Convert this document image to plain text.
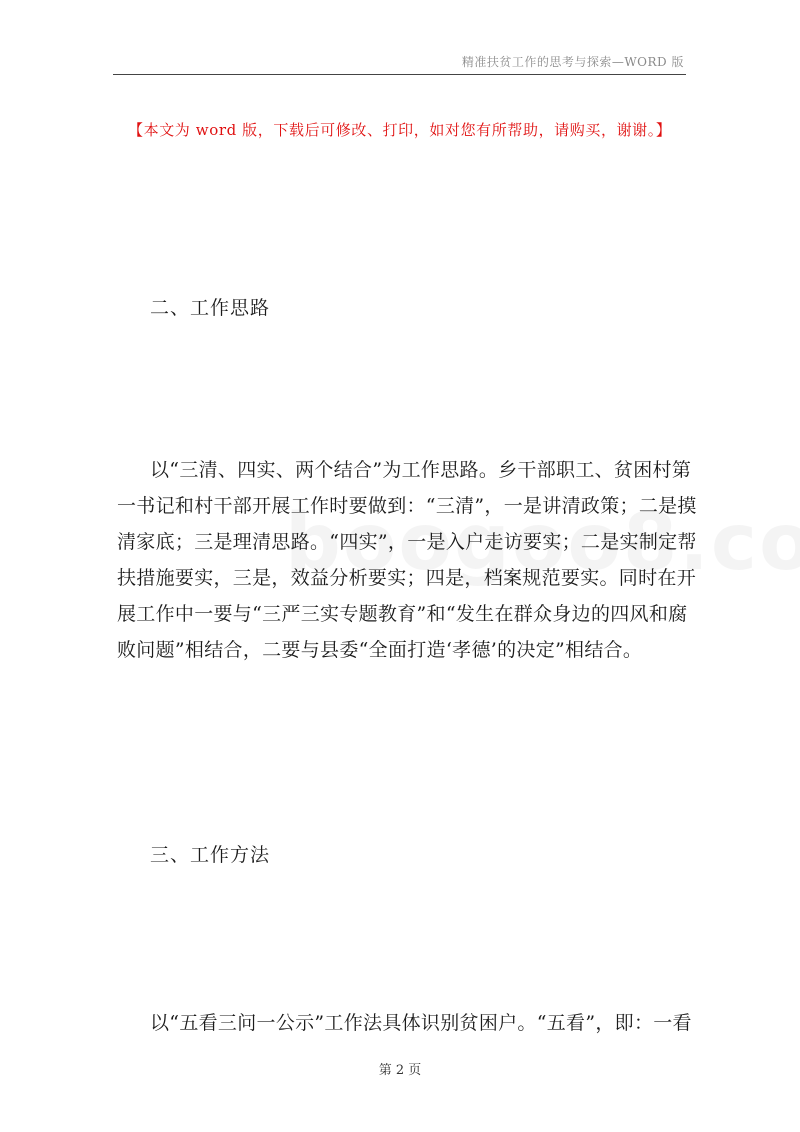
精准扶贫工作的思考与探索—WORD 版
【本文为 word 版，下载后可修改、打印，如对您有所帮助，请购买，谢谢。】
二、工作思路
以“三清、四实、两个结合”为工作思路。乡干部职工、贫困村第
一书记和村干部开展工作时要做到：“三清”，一是讲清政策；二是摸
清家底；三是理清思路。“四实”，一是入户走访要实；二是实制定帮
扶措施要实，三是，效益分析要实；四是，档案规范要实。同时在开
展工作中一要与“三严三实专题教育”和“发生在群众身边的四风和腐
败问题”相结合，二要与县委“全面打造‘孝德’的决定”相结合。
三、工作方法
以“五看三问一公示”工作法具体识别贫困户。“五看”，即：一看
第 2 页
